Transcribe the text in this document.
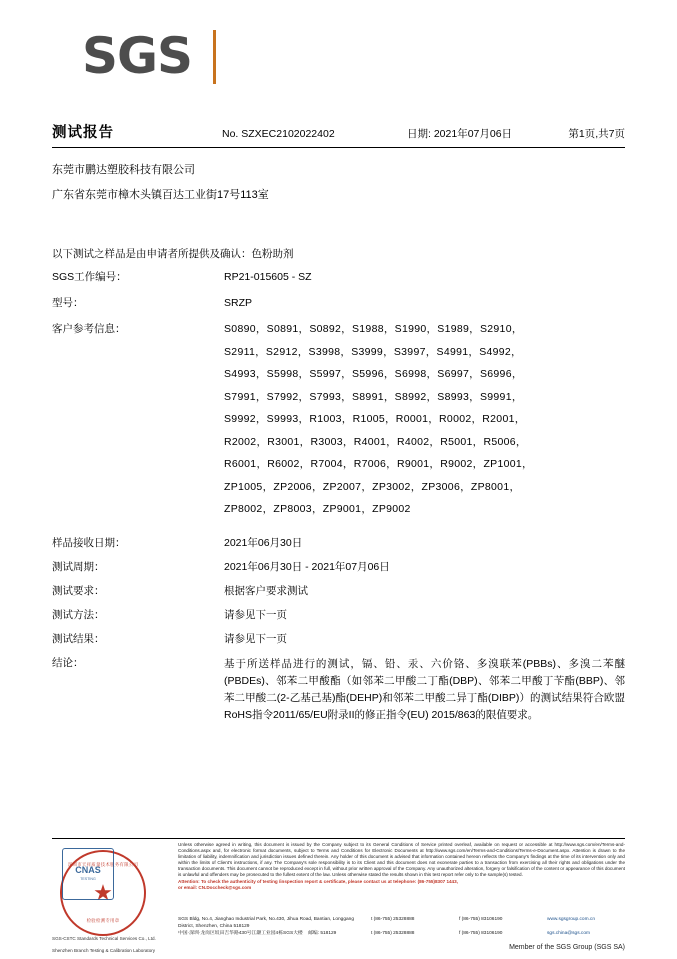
SGS
测试报告	No. SZXEC2102022402	日期: 2021年07月06日	第1页,共7页
东莞市鹏达塑胶科技有限公司
广东省东莞市樟木头镇百达工业街17号113室
以下测试之样品是由申请者所提供及确认：色粉助剂
SGS工作编号：	RP21-015605 - SZ
型号：	SRZP
客户参考信息：	S0890，S0891，S0892，S1988，S1990，S1989，S2910，
S2911，S2912，S3998，S3999，S3997，S4991，S4992，
S4993，S5998，S5997，S5996，S6998，S6997，S6996，
S7991，S7992，S7993，S8991，S8992，S8993，S9991，
S9992，S9993，R1003，R1005，R0001，R0002，R2001，
R2002，R3001，R3003，R4001，R4002，R5001，R5006，
R6001，R6002，R7004，R7006，R9001，R9002，ZP1001，
ZP1005，ZP2006，ZP2007，ZP3002，ZP3006，ZP8001，
ZP8002，ZP8003，ZP9001，ZP9002
样品接收日期：	2021年06月30日
测试周期：	2021年06月30日 - 2021年07月06日
测试要求：	根据客户要求测试
测试方法：	请参见下一页
测试结果：	请参见下一页
结论：	基于所送样品进行的测试，镉、铅、汞、六价铬、多溴联苯(PBBs)、多溴二苯醚(PBDEs)、邻苯二甲酸酯（如邻苯二甲酸二丁酯(DBP)、邻苯二甲酸丁苄酯(BBP)、邻苯二甲酸二(2-乙基己基)酯(DEHP)和邻苯二甲酸二异丁酯(DIBP)）的测试结果符合欧盟RoHS指令2011/65/EU附录II的修正指令(EU) 2015/863的限值要求。
深圳市天祥质量技术服务有限公司
★
检验检测专用章
SGS-CSTC Standards Technical Services Co., Ltd.
Shenzhen Branch Testing & Calibration Laboratory
CNAS
TESTING
Unless otherwise agreed in writing, this document is issued by the Company subject to its General Conditions of Service printed overleaf, available on request or accessible at http://www.sgs.com/en/Terms-and-Conditions.aspx and, for electronic format documents, subject to Terms and Conditions for Electronic Documents at http://www.sgs.com/en/Terms-and-Conditions/Terms-e-Document.aspx. Attention is drawn to the limitation of liability, indemnification and jurisdiction issues defined therein. Any holder of this document is advised that information contained hereon reflects the Company's findings at the time of its intervention only and within the limits of Client's instructions, if any. The Company's sole responsibility is to its Client and this document does not exonerate parties to a transaction from exercising all their rights and obligations under the transaction documents. This document cannot be reproduced except in full, without prior written approval of the Company. Any unauthorized alteration, forgery or falsification of the content or appearance of this document is unlawful and offenders may be prosecuted to the fullest extent of the law. Unless otherwise stated the results shown in this test report refer only to the sample(s) tested.
Attention: To check the authenticity of testing /inspection report & certificate, please contact us at telephone: (86-755)8307 1443,
or email: CN.Doccheck@sgs.com
SGS Bldg, No.4, Jianghao Industrial Park, No.430, Jihua Road, Bantian, Longgang District, Shenzhen, China 518129
t (86-755) 25328888	f (86-755) 83106190	www.sgsgroup.com.cn
中国·深圳·龙岗区坂田吉华路430号江灏工业园4栋SGS大楼 邮编: 518129	t (86-755) 25328888	f (86-755) 83106190	sgs.china@sgs.com
Member of the SGS Group (SGS SA)
